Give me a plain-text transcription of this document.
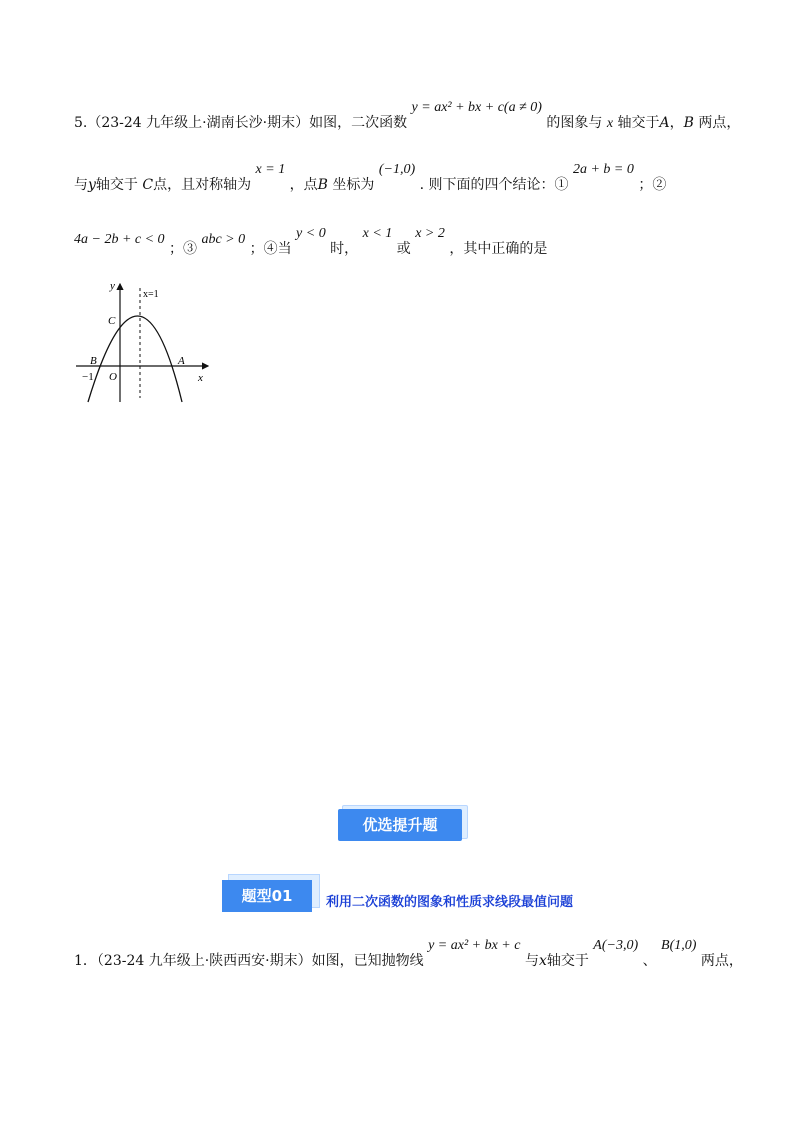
5.（23-24 九年级上·湖南长沙·期末）如图，二次函数 y = ax² + bx + c(a ≠ 0) 的图象与 x 轴交于A，B 两点，
与y轴交于 C点，且对称轴为 x = 1 ，点B 坐标为 (−1,0) . 则下面的四个结论：① 2a + b = 0 ；②
4a − 2b + c < 0 ；③ abc > 0 ；④当 y < 0 时， x < 1 或 x > 2 ，其中正确的是
y
x=1
C
B	A
O
−1	x
优选提升题
题型01	利用二次函数的图象和性质求线段最值问题
1．（23-24 九年级上·陕西西安·期末）如图，已知抛物线 y = ax² + bx + c 与x轴交于 A(−3,0) 、 B(1,0) 两点，
